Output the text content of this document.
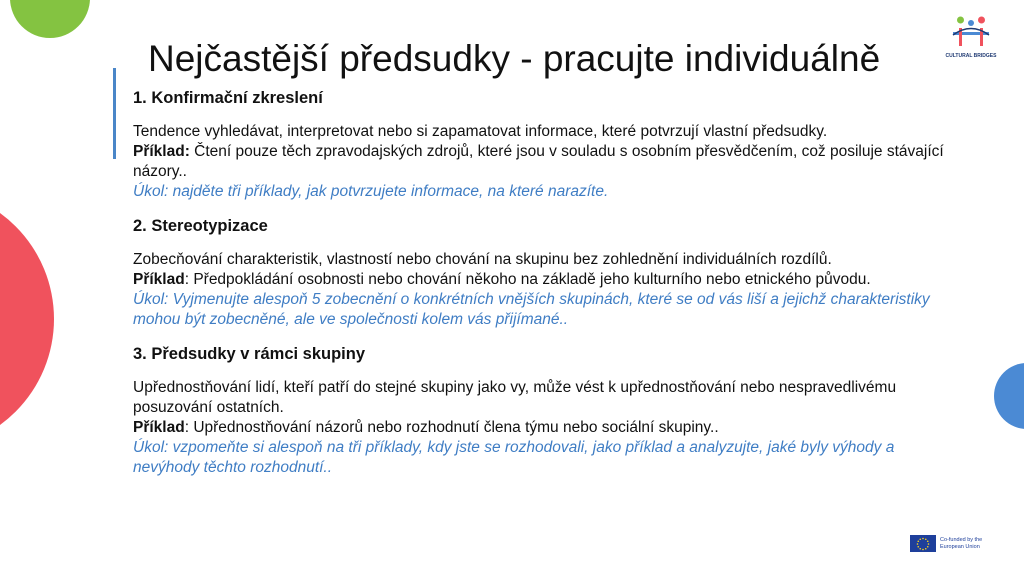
CULTURAL BRIDGES
Nejčastější předsudky - pracujte individuálně

1. Konfirmační zkreslení

Tendence vyhledávat, interpretovat nebo si zapamatovat informace, které potvrzují vlastní předsudky.

Příklad: Čtení pouze těch zpravodajských zdrojů, které jsou v souladu s osobním přesvědčením, což posiluje stávající názory..

Úkol: najděte tři příklady, jak potvrzujete informace, na které narazíte.

2. Stereotypizace

Zobecňování charakteristik, vlastností nebo chování na skupinu bez zohlednění individuálních rozdílů.

Příklad: Předpokládání osobnosti nebo chování někoho na základě jeho kulturního nebo etnického původu.

Úkol: Vyjmenujte alespoň 5 zobecnění o konkrétních vnějších skupinách, které se od vás liší a jejichž charakteristiky mohou být zobecněné, ale ve společnosti kolem vás přijímané..

3. Předsudky v rámci skupiny

Upřednostňování lidí, kteří patří do stejné skupiny jako vy, může vést k upřednostňování nebo nespravedlivému posuzování ostatních.

Příklad: Upřednostňování názorů nebo rozhodnutí člena týmu nebo sociální skupiny..

Úkol: vzpomeňte si alespoň na tři příklady, kdy jste se rozhodovali, jako příklad a analyzujte, jaké byly výhody a nevýhody těchto rozhodnutí..

Co-funded by the European Union
